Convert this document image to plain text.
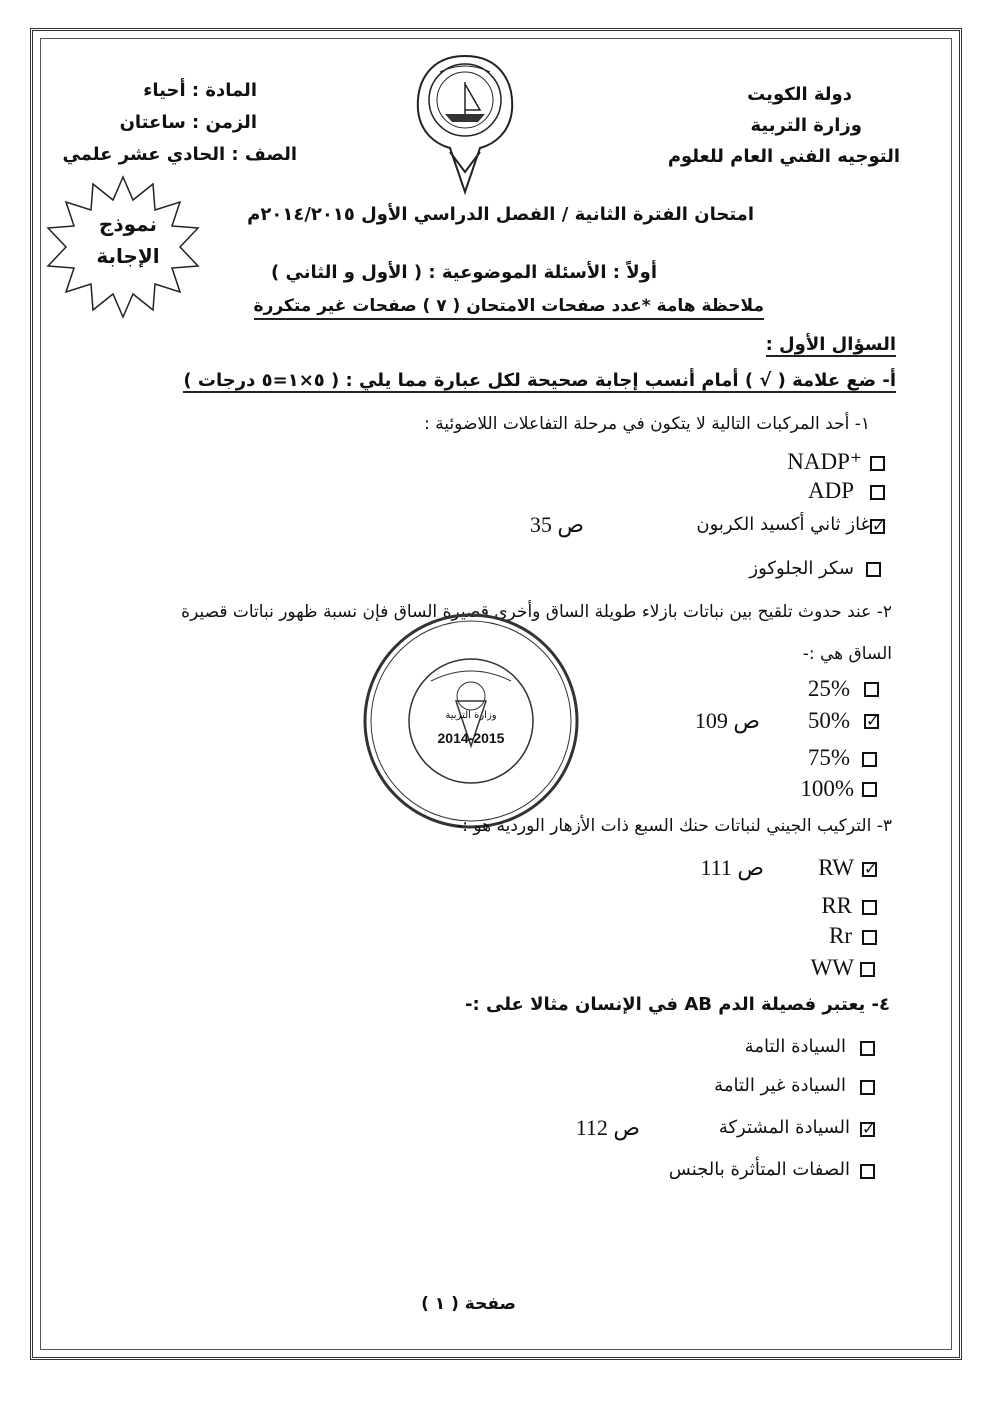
دولة الكويت
وزارة التربية
التوجيه الفني العام للعلوم
المادة : أحياء
الزمن : ساعتان
الصف : الحادي عشر علمي
نموذج
الإجابة
امتحان الفترة الثانية / الفصل الدراسي الأول ٢٠١٤/٢٠١٥م
أولاً : الأسئلة الموضوعية : ( الأول و الثاني )
ملاحظة هامة *عدد صفحات الامتحان ( ٧ ) صفحات غير متكررة
السؤال الأول :
أ- ضع علامة ( √ ) أمام أنسب إجابة صحيحة لكل عبارة مما يلي : ( ٥×١=٥ درجات )
١- أحد المركبات التالية لا يتكون في مرحلة التفاعلات اللاضوئية :
NADP⁺
ADP
✓
غاز ثاني أكسيد الكربون
ص 35
سكر الجلوكوز
٢- عند حدوث تلقيح بين نباتات بازلاء طويلة الساق وأخرى قصيرة الساق فإن نسبة ظهور نباتات قصيرة
الساق هي :-
25%
✓
50%
ص 109
75%
100%
وزارة التربية
2014-2015
٣- التركيب الجيني لنباتات حنك السبع ذات الأزهار الوردية هو :-
✓
RW
ص 111
RR
Rr
WW
٤- يعتبر فصيلة الدم AB في الإنسان مثالا على :-
السيادة التامة
السيادة غير التامة
✓
السيادة المشتركة
ص 112
الصفات المتأثرة بالجنس
صفحة ( ١ )
